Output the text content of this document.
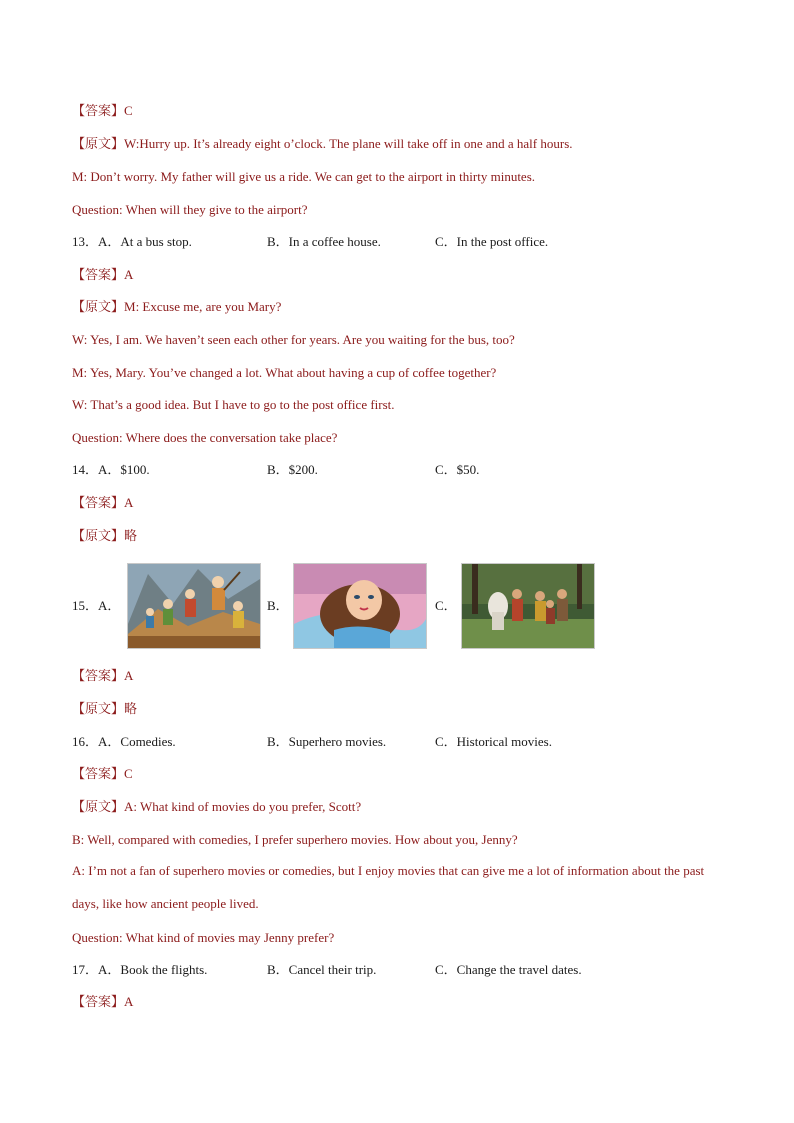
【答案】C
【原文】W:Hurry up. It’s already eight o’clock. The plane will take off in one and a half hours.
M: Don’t worry. My father will give us a ride. We can get to the airport in thirty minutes.
Question: When will they give to the airport?
13．A．At a bus stop.	B．In a coffee house.	C．In the post office.
【答案】A
【原文】M: Excuse me, are you Mary?
W: Yes, I am. We haven’t seen each other for years. Are you waiting for the bus, too?
M: Yes, Mary. You’ve changed a lot. What about having a cup of coffee together?
W: That’s a good idea. But I have to go to the post office first.
Question: Where does the conversation take place?
14．A．$100.	B．$200.	C．$50.
【答案】A
【原文】略
15．A．	B．	C．
【答案】A
【原文】略
16．A．Comedies.	B．Superhero movies.	C．Historical movies.
【答案】C
【原文】A: What kind of movies do you prefer, Scott?
B: Well, compared with comedies, I prefer superhero movies. How about you, Jenny?
A: I’m not a fan of superhero movies or comedies, but I enjoy movies that can give me a lot of information about the past days, like how ancient people lived.
Question: What kind of movies may Jenny prefer?
17．A．Book the flights.	B．Cancel their trip.	C．Change the travel dates.
【答案】A
